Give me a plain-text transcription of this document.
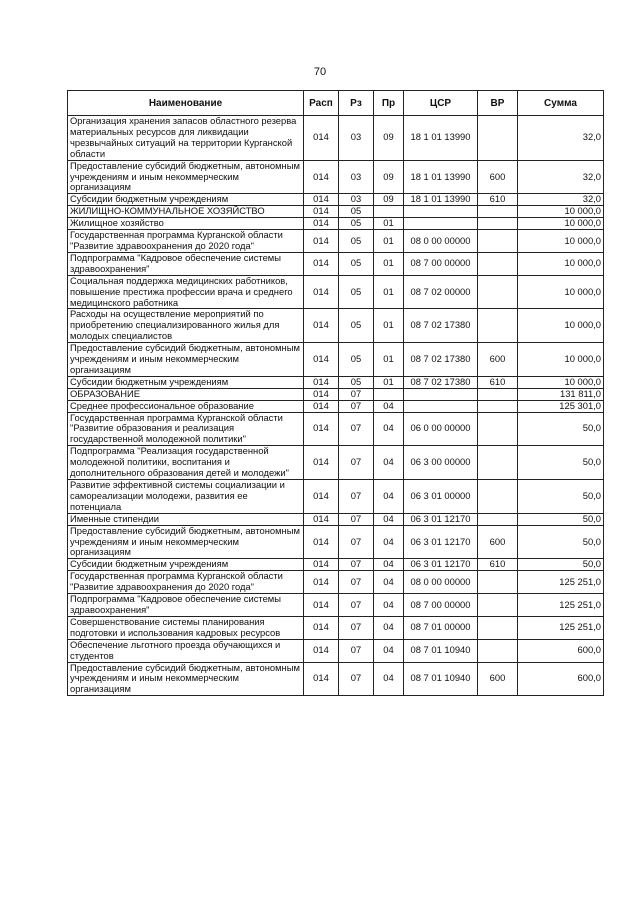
70
Наименование	Расп	Рз	Пр	ЦСР	ВР	Сумма
Организация хранения запасов областного резерва материальных ресурсов для ликвидации чрезвычайных ситуаций на территории Курганской области	014	03	09	18 1 01 13990		32,0
Предоставление субсидий бюджетным, автономным учреждениям и иным некоммерческим организациям	014	03	09	18 1 01 13990	600	32,0
Субсидии бюджетным учреждениям	014	03	09	18 1 01 13990	610	32,0
ЖИЛИЩНО-КОММУНАЛЬНОЕ ХОЗЯЙСТВО	014	05				10 000,0
Жилищное хозяйство	014	05	01			10 000,0
Государственная программа Курганской области "Развитие здравоохранения до 2020 года"	014	05	01	08 0 00 00000		10 000,0
Подпрограмма "Кадровое обеспечение системы здравоохранения"	014	05	01	08 7 00 00000		10 000,0
Социальная поддержка медицинских работников, повышение престижа профессии врача и среднего медицинского работника	014	05	01	08 7 02 00000		10 000,0
Расходы на осуществление мероприятий по приобретению специализированного жилья для молодых специалистов	014	05	01	08 7 02 17380		10 000,0
Предоставление субсидий бюджетным, автономным учреждениям и иным некоммерческим организациям	014	05	01	08 7 02 17380	600	10 000,0
Субсидии бюджетным учреждениям	014	05	01	08 7 02 17380	610	10 000,0
ОБРАЗОВАНИЕ	014	07				131 811,0
Среднее профессиональное образование	014	07	04			125 301,0
Государственная программа Курганской области "Развитие образования и реализация государственной молодежной политики"	014	07	04	06 0 00 00000		50,0
Подпрограмма "Реализация государственной молодежной политики, воспитания и дополнительного образования детей и молодежи"	014	07	04	06 3 00 00000		50,0
Развитие эффективной системы социализации и самореализации молодежи, развития ее потенциала	014	07	04	06 3 01 00000		50,0
Именные стипендии	014	07	04	06 3 01 12170		50,0
Предоставление субсидий бюджетным, автономным учреждениям и иным некоммерческим организациям	014	07	04	06 3 01 12170	600	50,0
Субсидии бюджетным учреждениям	014	07	04	06 3 01 12170	610	50,0
Государственная программа Курганской области "Развитие здравоохранения до 2020 года"	014	07	04	08 0 00 00000		125 251,0
Подпрограмма "Кадровое обеспечение системы здравоохранения"	014	07	04	08 7 00 00000		125 251,0
Совершенствование системы планирования подготовки и использования кадровых ресурсов	014	07	04	08 7 01 00000		125 251,0
Обеспечение льготного проезда обучающихся и студентов	014	07	04	08 7 01 10940		600,0
Предоставление субсидий бюджетным, автономным учреждениям и иным некоммерческим организациям	014	07	04	08 7 01 10940	600	600,0
